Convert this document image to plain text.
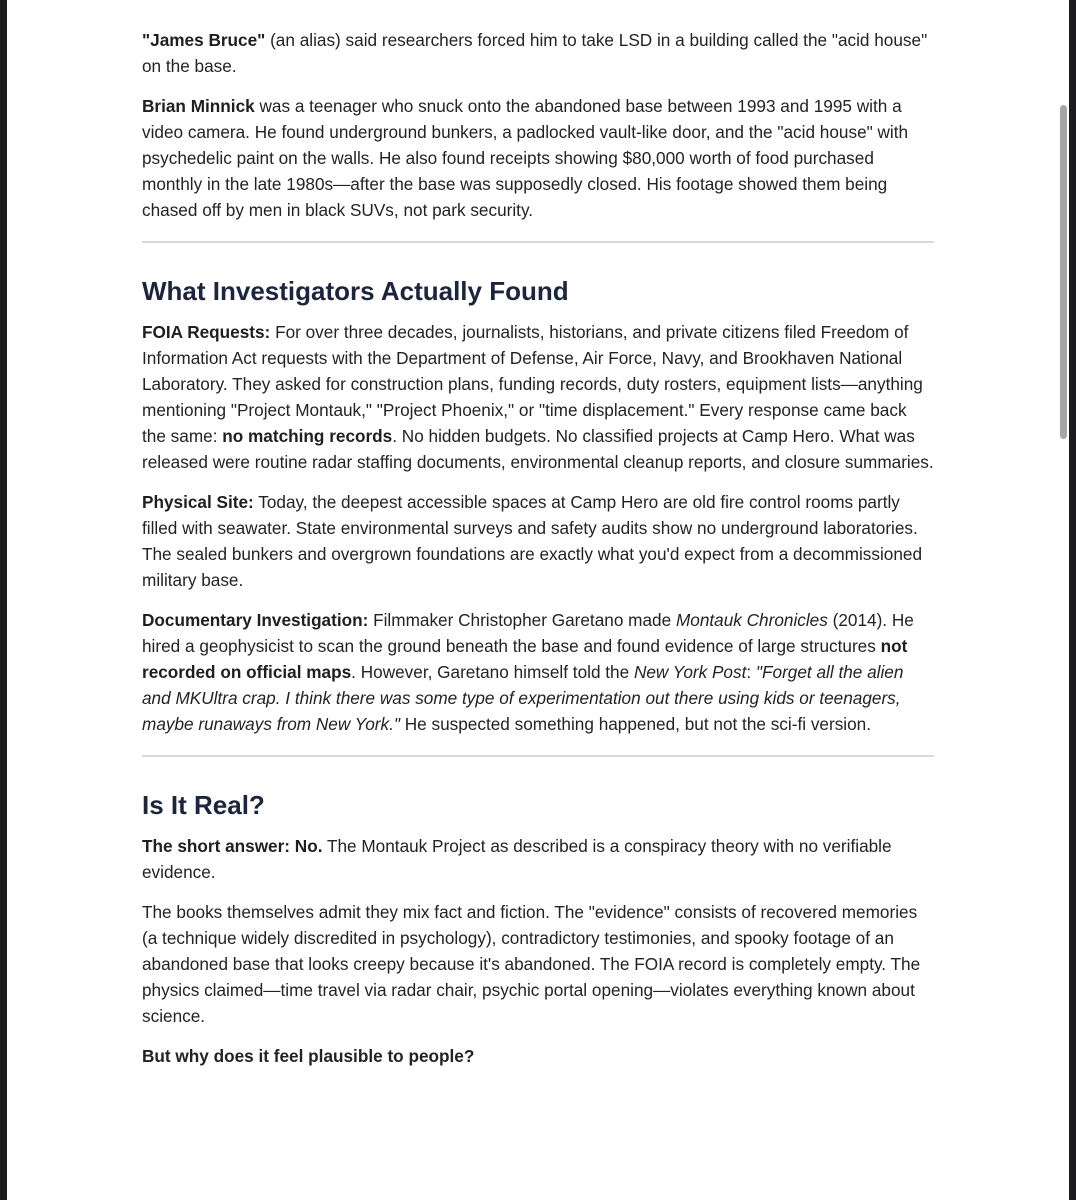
"James Bruce" (an alias) said researchers forced him to take LSD in a building called the "acid house" on the base.

Brian Minnick was a teenager who snuck onto the abandoned base between 1993 and 1995 with a video camera. He found underground bunkers, a padlocked vault-like door, and the "acid house" with psychedelic paint on the walls. He also found receipts showing $80,000 worth of food purchased monthly in the late 1980s—after the base was supposedly closed. His footage showed them being chased off by men in black SUVs, not park security.

What Investigators Actually Found

FOIA Requests: For over three decades, journalists, historians, and private citizens filed Freedom of Information Act requests with the Department of Defense, Air Force, Navy, and Brookhaven National Laboratory. They asked for construction plans, funding records, duty rosters, equipment lists—anything mentioning "Project Montauk," "Project Phoenix," or "time displacement." Every response came back the same: no matching records. No hidden budgets. No classified projects at Camp Hero. What was released were routine radar staffing documents, environmental cleanup reports, and closure summaries.

Physical Site: Today, the deepest accessible spaces at Camp Hero are old fire control rooms partly filled with seawater. State environmental surveys and safety audits show no underground laboratories. The sealed bunkers and overgrown foundations are exactly what you'd expect from a decommissioned military base.

Documentary Investigation: Filmmaker Christopher Garetano made Montauk Chronicles (2014). He hired a geophysicist to scan the ground beneath the base and found evidence of large structures not recorded on official maps. However, Garetano himself told the New York Post: "Forget all the alien and MKUltra crap. I think there was some type of experimentation out there using kids or teenagers, maybe runaways from New York." He suspected something happened, but not the sci-fi version.

Is It Real?

The short answer: No. The Montauk Project as described is a conspiracy theory with no verifiable evidence.

The books themselves admit they mix fact and fiction. The "evidence" consists of recovered memories (a technique widely discredited in psychology), contradictory testimonies, and spooky footage of an abandoned base that looks creepy because it's abandoned. The FOIA record is completely empty. The physics claimed—time travel via radar chair, psychic portal opening—violates everything known about science.

But why does it feel plausible to people?
